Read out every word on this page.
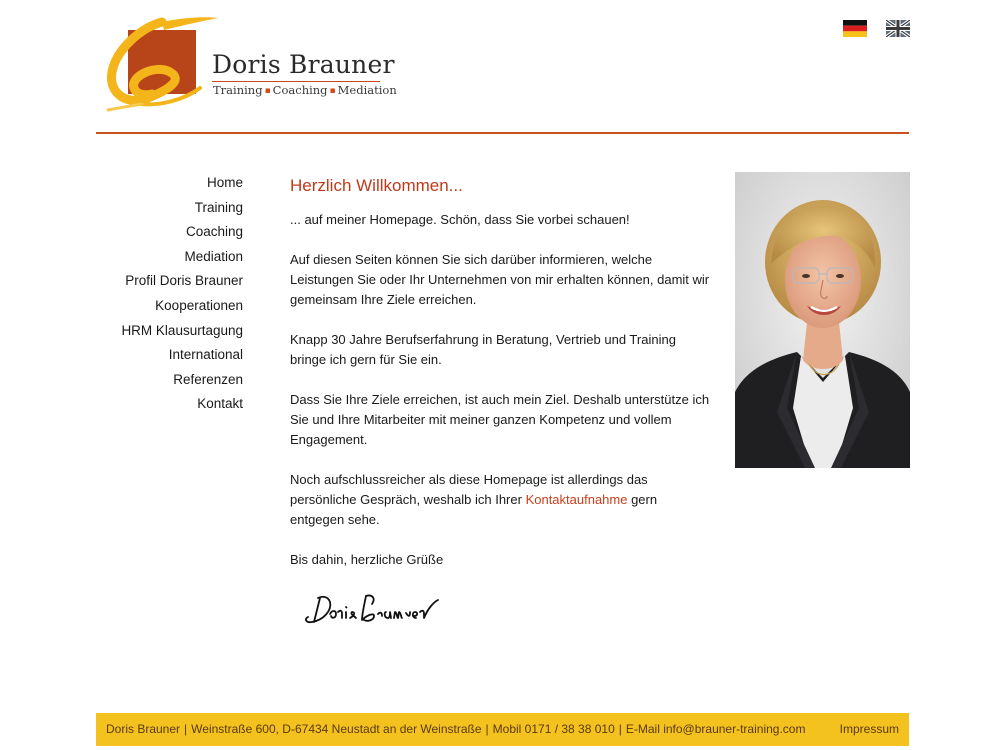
Doris Brauner
Training ▪ Coaching ▪ Mediation
Home
Training
Coaching
Mediation
Profil Doris Brauner
Kooperationen
HRM Klausurtagung
International
Referenzen
Kontakt
Herzlich Willkommen...

... auf meiner Homepage. Schön, dass Sie vorbei schauen!

Auf diesen Seiten können Sie sich darüber informieren, welche Leistungen Sie oder Ihr Unternehmen von mir erhalten können, damit wir gemeinsam Ihre Ziele erreichen.

Knapp 30 Jahre Berufserfahrung in Beratung, Vertrieb und Training bringe ich gern für Sie ein.

Dass Sie Ihre Ziele erreichen, ist auch mein Ziel. Deshalb unterstütze ich Sie und Ihre Mitarbeiter mit meiner ganzen Kompetenz und vollem Engagement.

Noch aufschlussreicher als diese Homepage ist allerdings das persönliche Gespräch, weshalb ich Ihrer Kontaktaufnahme gern entgegen sehe.

Bis dahin, herzliche Grüße

Doris Brauner | Weinstraße 600, D-67434 Neustadt an der Weinstraße | Mobil 0171 / 38 38 010 | E-Mail info@brauner-training.com	Impressum
